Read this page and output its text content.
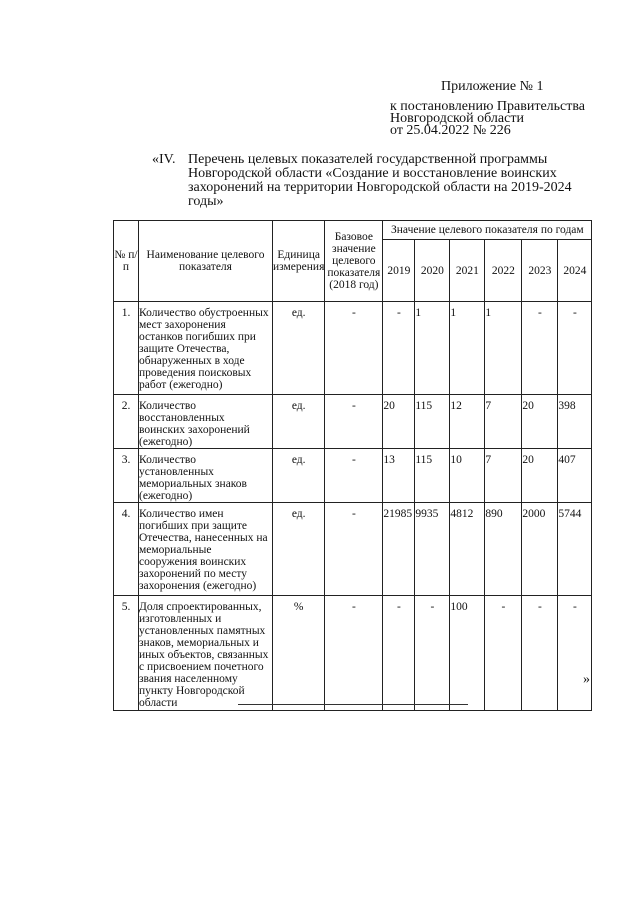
Приложение № 1
к постановлению Правительства
Новгородской области
от 25.04.2022 № 226
«IV. Перечень целевых показателей государственной программы Новгородской области «Создание и восстановление воинских захоронений на территории Новгородской области на 2019-2024 годы»
№ п/п	Наименование целевого показателя	Единица измерения	Базовое значение целевого показателя (2018 год)	Значение целевого показателя по годам					
				2019	2020	2021	2022	2023	2024
1.	Количество обустроенных мест захоронения останков погибших при защите Отечества, обнаруженных в ходе проведения поисковых работ (ежегодно)	ед.	-	-	1	1	1	-	-
2.	Количество восстановленных воинских захоронений (ежегодно)	ед.	-	20	115	12	7	20	398
3.	Количество установленных мемориальных знаков (ежегодно)	ед.	-	13	115	10	7	20	407
4.	Количество имен погибших при защите Отечества, нанесенных на мемориальные сооружения воинских захоронений по месту захоронения (ежегодно)	ед.	-	21985	9935	4812	890	2000	5744
5.	Доля спроектированных, изготовленных и установленных памятных знаков, мемориальных и иных объектов, связанных с присвоением почетного звания населенному пункту Новгородской области	%	-	-	-	100	-	-	-
»
